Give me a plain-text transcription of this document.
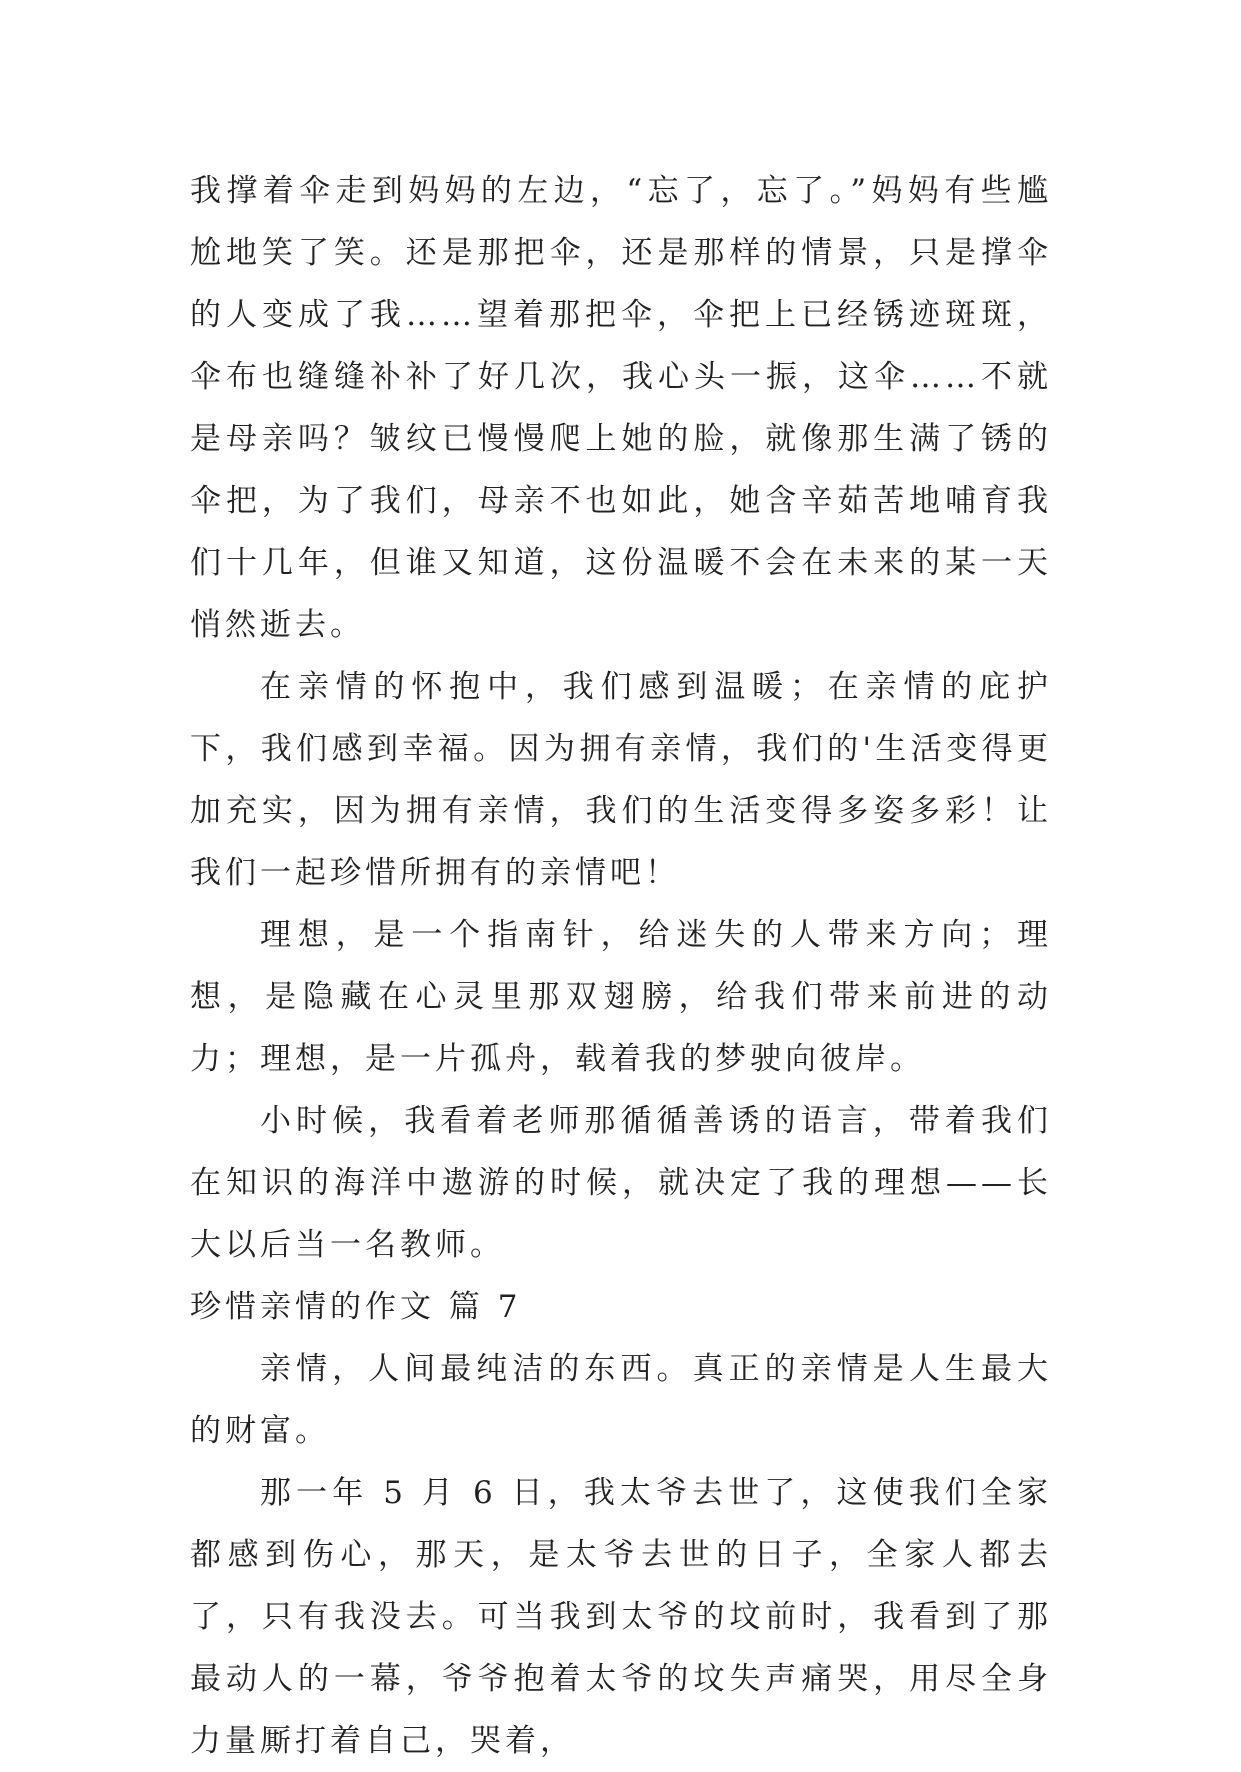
我撑着伞走到妈妈的左边，“忘了，忘了。”妈妈有些尴尬地笑了笑。还是那把伞，还是那样的情景，只是撑伞的人变成了我……望着那把伞，伞把上已经锈迹斑斑，伞布也缝缝补补了好几次，我心头一振，这伞……不就是母亲吗？皱纹已慢慢爬上她的脸，就像那生满了锈的伞把，为了我们，母亲不也如此，她含辛茹苦地哺育我们十几年，但谁又知道，这份温暖不会在未来的某一天悄然逝去。

在亲情的怀抱中，我们感到温暖；在亲情的庇护下，我们感到幸福。因为拥有亲情，我们的'生活变得更加充实，因为拥有亲情，我们的生活变得多姿多彩！让我们一起珍惜所拥有的亲情吧！

理想，是一个指南针，给迷失的人带来方向；理想，是隐藏在心灵里那双翅膀，给我们带来前进的动力；理想，是一片孤舟，载着我的梦驶向彼岸。

小时候，我看着老师那循循善诱的语言，带着我们在知识的海洋中遨游的时候，就决定了我的理想——长大以后当一名教师。

珍惜亲情的作文 篇 7

亲情，人间最纯洁的东西。真正的亲情是人生最大的财富。

那一年 5 月 6 日，我太爷去世了，这使我们全家都感到伤心，那天，是太爷去世的日子，全家人都去了，只有我没去。可当我到太爷的坟前时，我看到了那最动人的一幕，爷爷抱着太爷的坟失声痛哭，用尽全身力量厮打着自己，哭着，
